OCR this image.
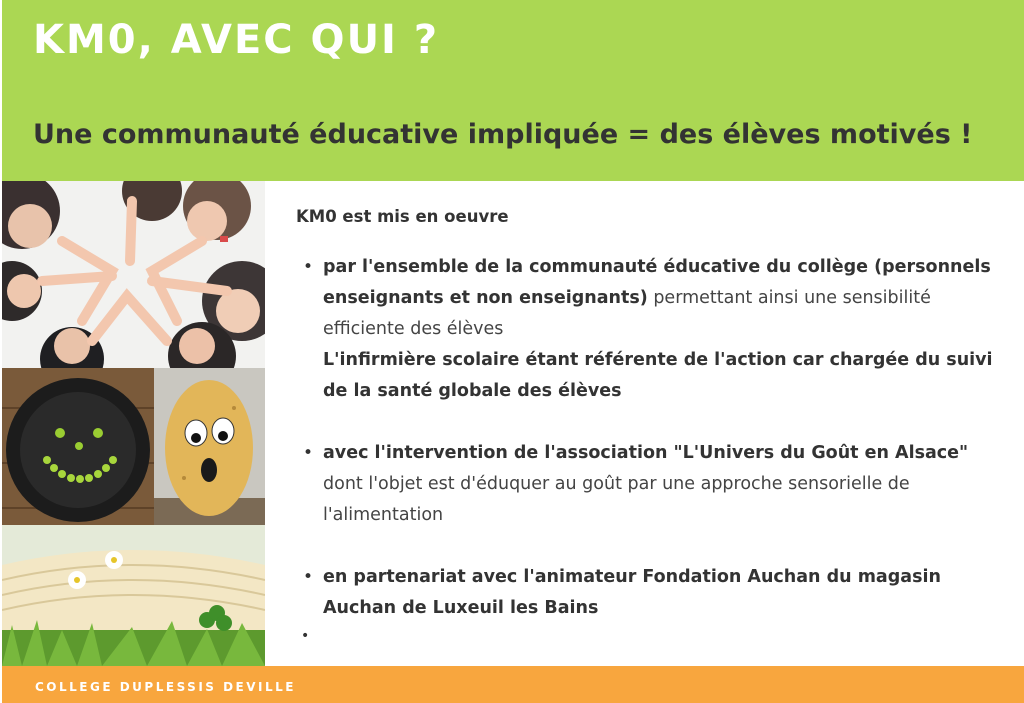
KM0, AVEC QUI ?
Une communauté éducative impliquée = des élèves motivés !

KM0 est mis en oeuvre

• par l'ensemble de la communauté éducative du collège (personnels enseignants et non enseignants) permettant ainsi une sensibilité efficiente des élèves
L'infirmière scolaire étant référente de l'action car chargée du suivi de la santé globale des élèves
• avec l'intervention de l'association "L'Univers du Goût en Alsace" dont l'objet est d'éduquer au goût par une approche sensorielle de l'alimentation
• en partenariat avec l'animateur Fondation Auchan du magasin Auchan de Luxeuil les Bains
•
COLLEGE DUPLESSIS DEVILLE
